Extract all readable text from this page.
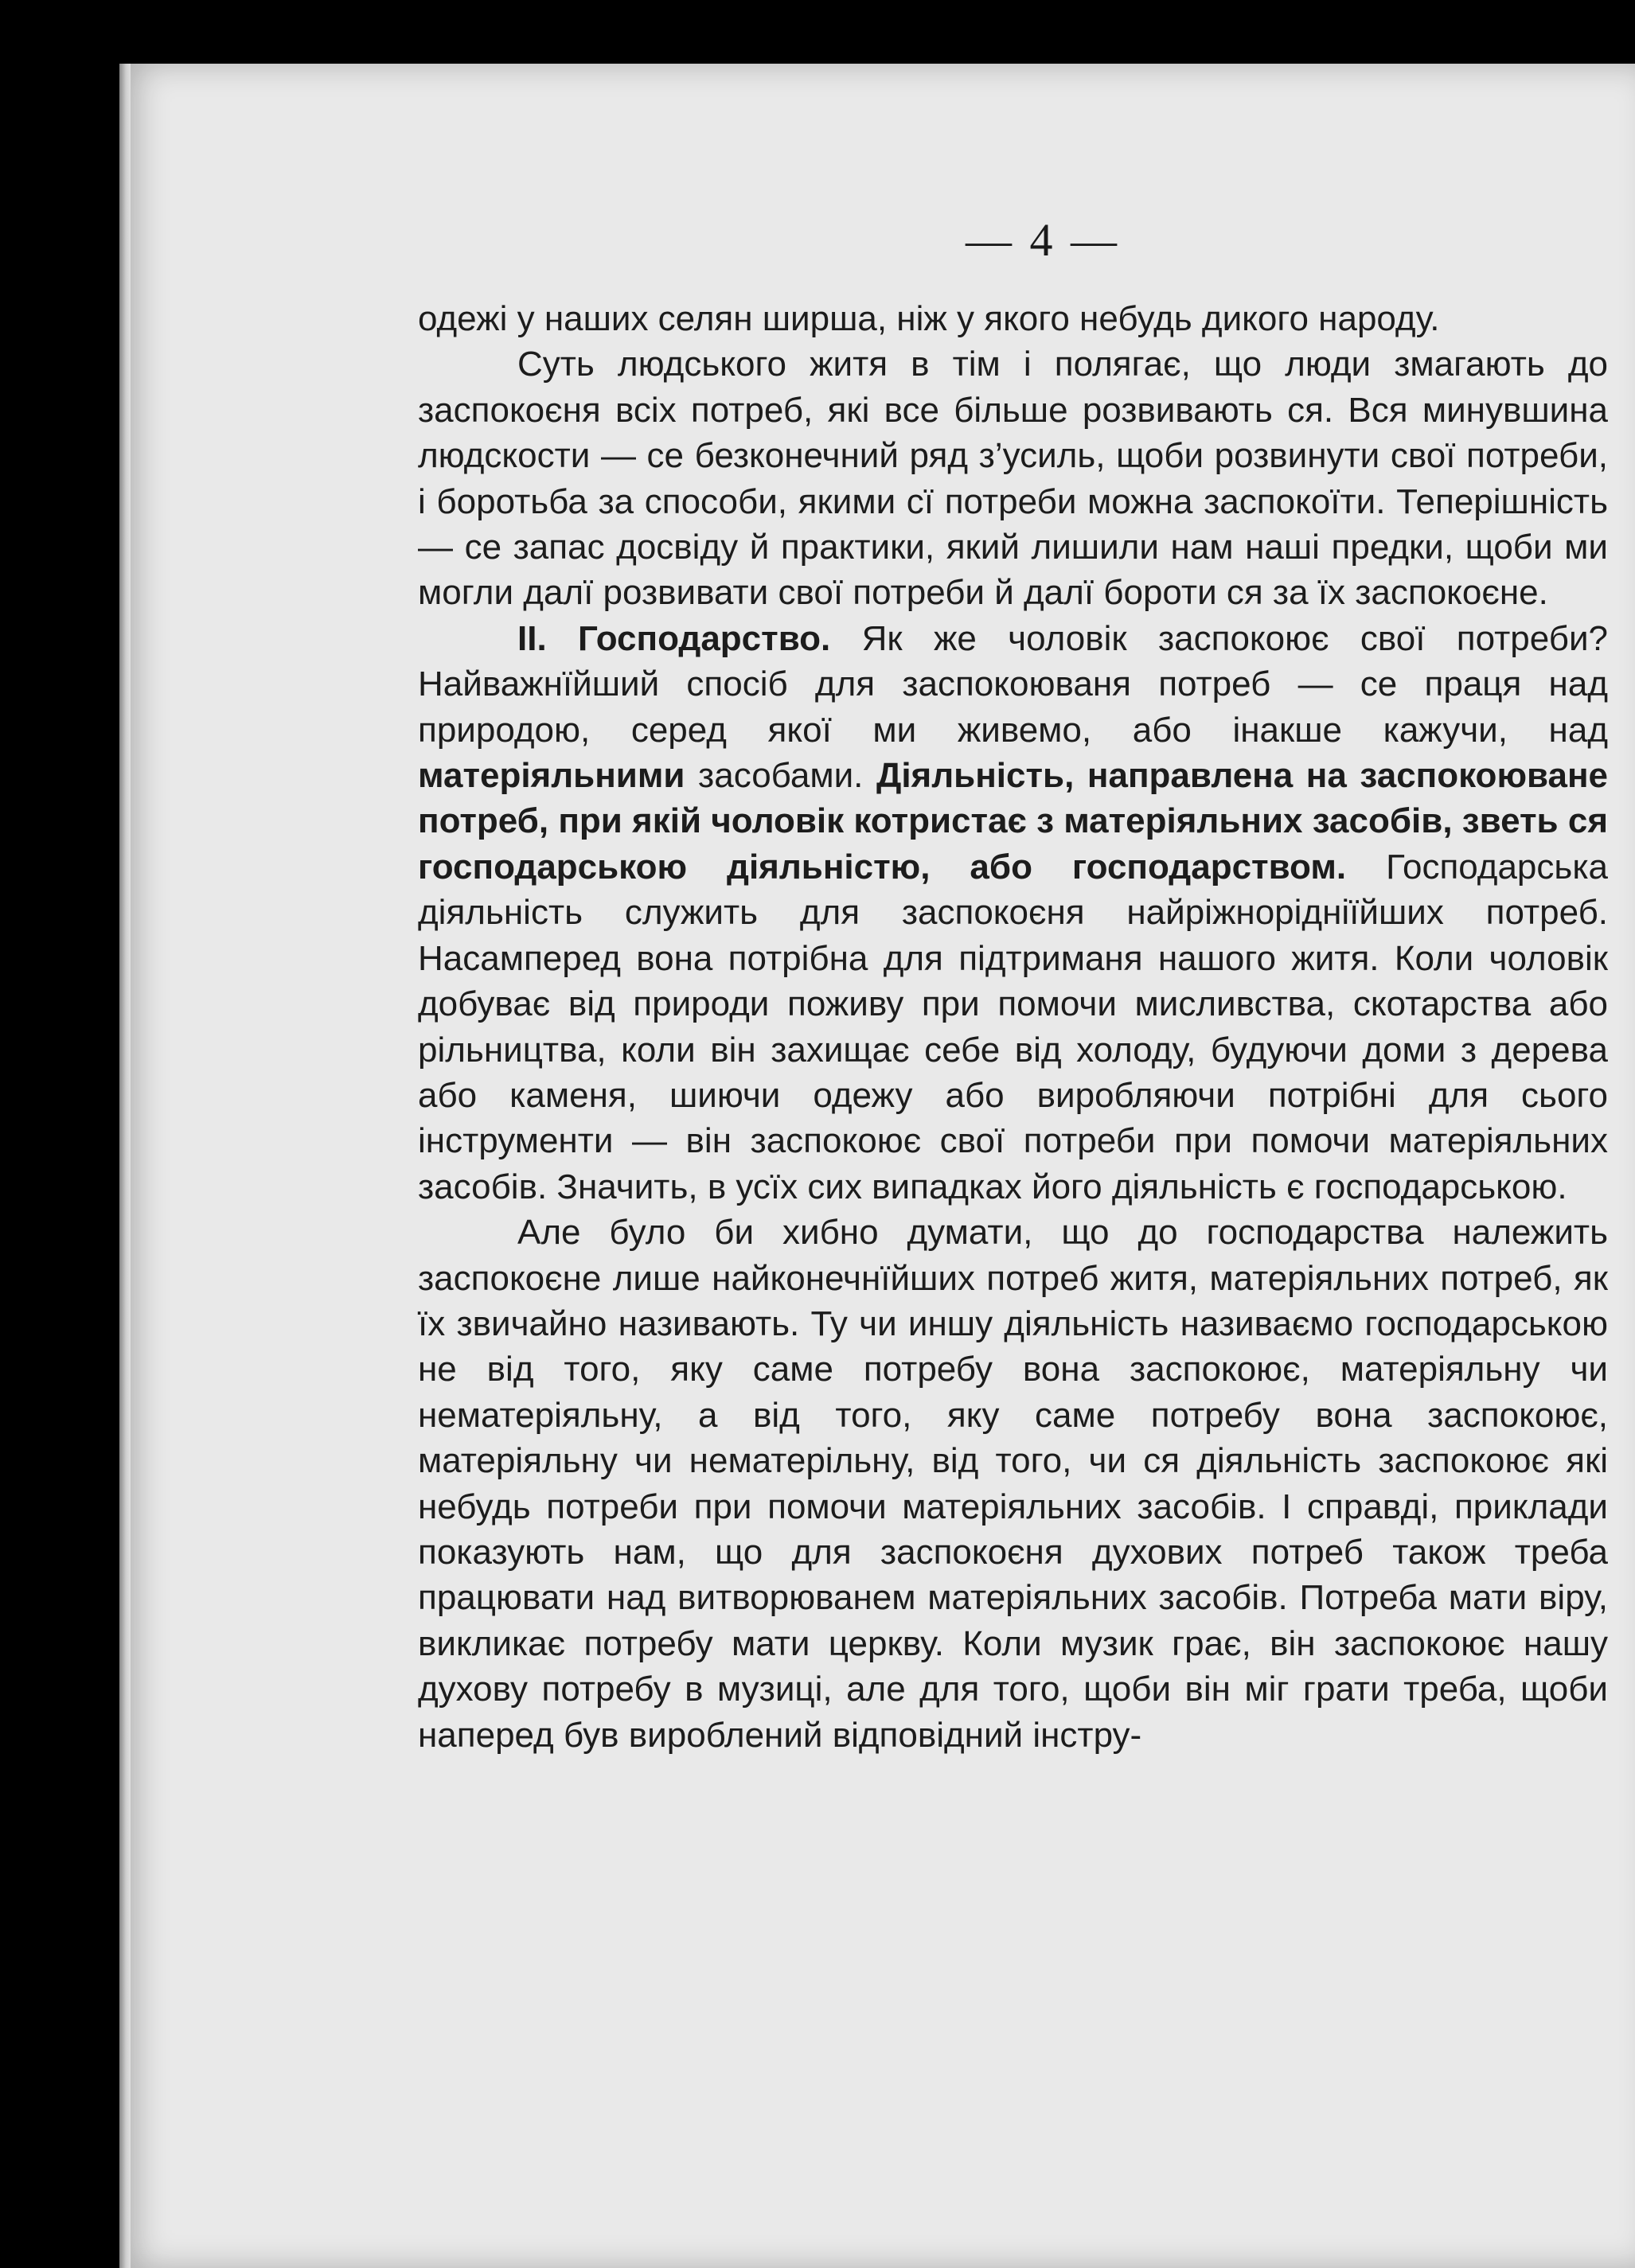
— 4 —

одежі у наших селян ширша, ніж у якого небудь дикого народу.

Суть людського житя в тім і полягає, що люди змагають до заспокоєня всіх потреб, які все більше розвивають ся. Вся минувшина людскости — се безконечний ряд з’усиль, щоби розвинути свої потреби, і боротьба за способи, якими сї потреби можна заспокоїти. Теперішність — се запас досвіду й практики, який лишили нам наші предки, щоби ми могли далї розвивати свої потреби й далї бороти ся за їх заспокоєне.

II. Господарство. Як же чоловік заспокоює свої потреби? Найважнїйший спосіб для заспокоюваня потреб — се праця над природою, серед якої ми живемо, або інакше кажучи, над матеріяльними засобами. Діяльність, направлена на заспокоюване потреб, при якій чоловік котристає з матеріяльних засобів, зветь ся господарською діяльністю, або господарством. Господарська діяльність служить для заспокоєня найріжнорідніїйших потреб. Насамперед вона потрібна для підтриманя нашого житя. Коли чоловік добуває від природи поживу при помочи мисливства, скотарства або рільництва, коли він захищає себе від холоду, будуючи доми з дерева або каменя, шиючи одежу або виробляючи потрібні для сього інструменти — він заспокоює свої потреби при помочи матеріяльних засобів. Значить, в усїх сих випадках його діяльність є господарською.

Але було би хибно думати, що до господарства належить заспокоєне лише найконечнїйших потреб житя, матеріяльних потреб, як їх звичайно називають. Ту чи иншу діяльність називаємо господарською не від того, яку саме потребу вона заспокоює, матеріяльну чи нематеріяльну, а від того, яку саме потребу вона заспокоює, матеріяльну чи нематерільну, від того, чи ся діяльність заспокоює які небудь потреби при помочи матеріяльних засобів. І справді, приклади показують нам, що для заспокоєня духових потреб також треба працювати над витворюванем матеріяльних засобів. Потреба мати віру, викликає потребу мати церкву. Коли музик грає, він заспокоює нашу духову потребу в музиці, але для того, щоби він міг грати треба, щоби наперед був вироблений відповідний інстру-
